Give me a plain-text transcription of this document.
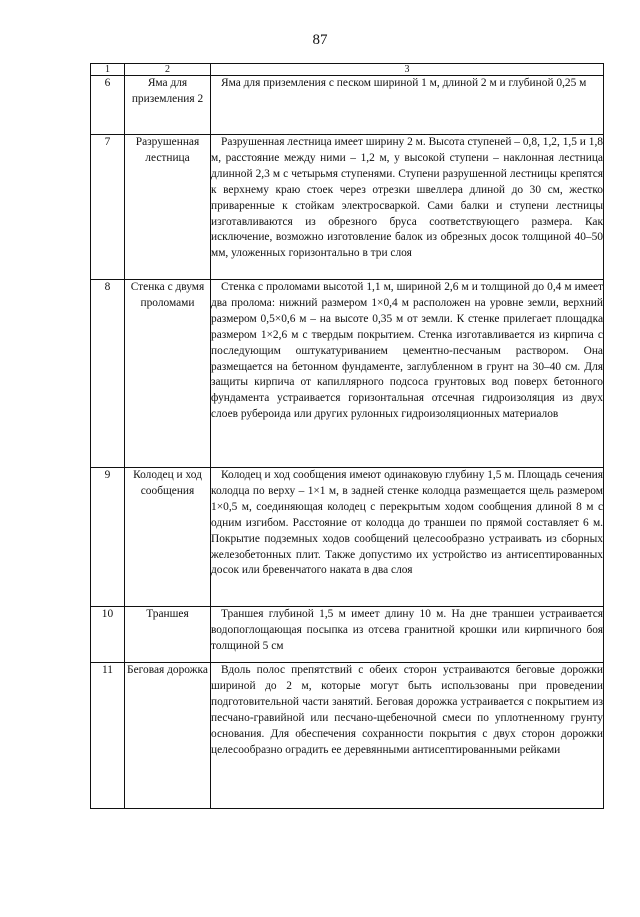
87
1	2	3
6	Яма для приземления 2	Яма для приземления с песком шириной 1 м, длиной 2 м и глубиной 0,25 м
7	Разрушенная лестница	Разрушенная лестница имеет ширину 2 м. Высота ступеней – 0,8, 1,2, 1,5 и 1,8 м, расстояние между ними – 1,2 м, у высокой ступени – наклонная лестница длинной 2,3 м с четырьмя ступенями. Ступени разрушенной лестницы крепятся к верхнему краю стоек через отрезки швеллера длиной до 30 см, жестко приваренные к стойкам электросваркой. Сами балки и ступени лестницы изготавливаются из обрезного бруса соответствующего размера. Как исключение, возможно изготовление балок из обрезных досок толщиной 40–50 мм, уложенных горизонтально в три слоя
8	Стенка с двумя проломами	Стенка с проломами высотой 1,1 м, шириной 2,6 м и толщиной до 0,4 м имеет два пролома: нижний размером 1×0,4 м расположен на уровне земли, верхний размером 0,5×0,6 м – на высоте 0,35 м от земли. К стенке прилегает площадка размером 1×2,6 м с твердым покрытием. Стенка изготавливается из кирпича с последующим оштукатуриванием цементно-песчаным раствором. Она размещается на бетонном фундаменте, заглубленном в грунт на 30–40 см. Для защиты кирпича от капиллярного подсоса грунтовых вод поверх бетонного фундамента устраивается горизонтальная отсечная гидроизоляция из двух слоев рубероида или других рулонных гидроизоляционных материалов
9	Колодец и ход сообщения	Колодец и ход сообщения имеют одинаковую глубину 1,5 м. Площадь сечения колодца по верху – 1×1 м, в задней стенке колодца размещается щель размером 1×0,5 м, соединяющая колодец с перекрытым ходом сообщения длиной 8 м с одним изгибом. Расстояние от колодца до траншеи по прямой составляет 6 м. Покрытие подземных ходов сообщений целесообразно устраивать из сборных железобетонных плит. Также допустимо их устройство из антисептированных досок или бревенчатого наката в два слоя
10	Траншея	Траншея глубиной 1,5 м имеет длину 10 м. На дне траншеи устраивается водопоглощающая посыпка из отсева гранитной крошки или кирпичного боя толщиной 5 см
11	Беговая дорожка	Вдоль полос препятствий с обеих сторон устраиваются беговые дорожки шириной до 2 м, которые могут быть использованы при проведении подготовительной части занятий. Беговая дорожка устраивается с покрытием из песчано-гравийной или песчано-щебеночной смеси по уплотненному грунту основания. Для обеспечения сохранности покрытия с двух сторон дорожки целесообразно оградить ее деревянными антисептированными рейками
